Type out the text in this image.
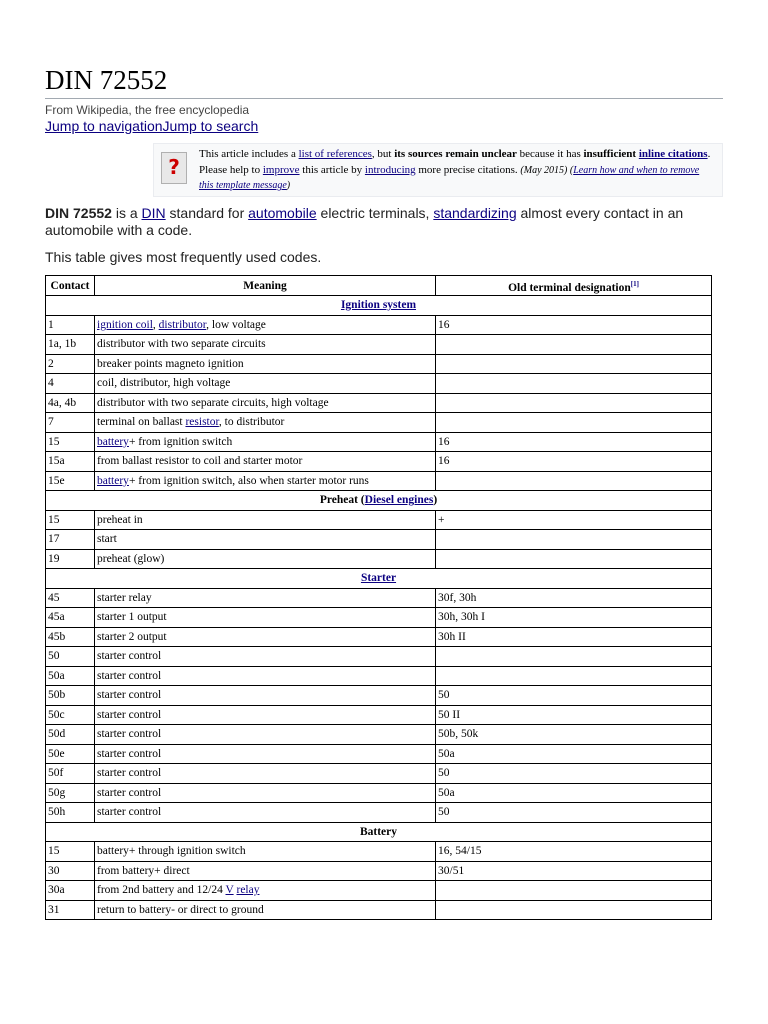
DIN 72552
From Wikipedia, the free encyclopedia
Jump to navigationJump to search
?
This article includes a list of references, but its sources remain unclear because it has insufficient inline citations. Please help to improve this article by introducing more precise citations. (May 2015) (Learn how and when to remove this template message)
DIN 72552 is a DIN standard for automobile electric terminals, standardizing almost every contact in an automobile with a code.
This table gives most frequently used codes.
Contact	Meaning	Old terminal designation[1]
Ignition system		
1	ignition coil, distributor, low voltage	16
1a, 1b	distributor with two separate circuits	
2	breaker points magneto ignition	
4	coil, distributor, high voltage	
4a, 4b	distributor with two separate circuits, high voltage	
7	terminal on ballast resistor, to distributor	
15	battery+ from ignition switch	16
15a	from ballast resistor to coil and starter motor	16
15e	battery+ from ignition switch, also when starter motor runs	
Preheat (Diesel engines)		
15	preheat in	+
17	start	
19	preheat (glow)	
Starter		
45	starter relay	30f, 30h
45a	starter 1 output	30h, 30h I
45b	starter 2 output	30h II
50	starter control	
50a	starter control	
50b	starter control	50
50c	starter control	50 II
50d	starter control	50b, 50k
50e	starter control	50a
50f	starter control	50
50g	starter control	50a
50h	starter control	50
Battery		
15	battery+ through ignition switch	16, 54/15
30	from battery+ direct	30/51
30a	from 2nd battery and 12/24 V relay	
31	return to battery- or direct to ground	
